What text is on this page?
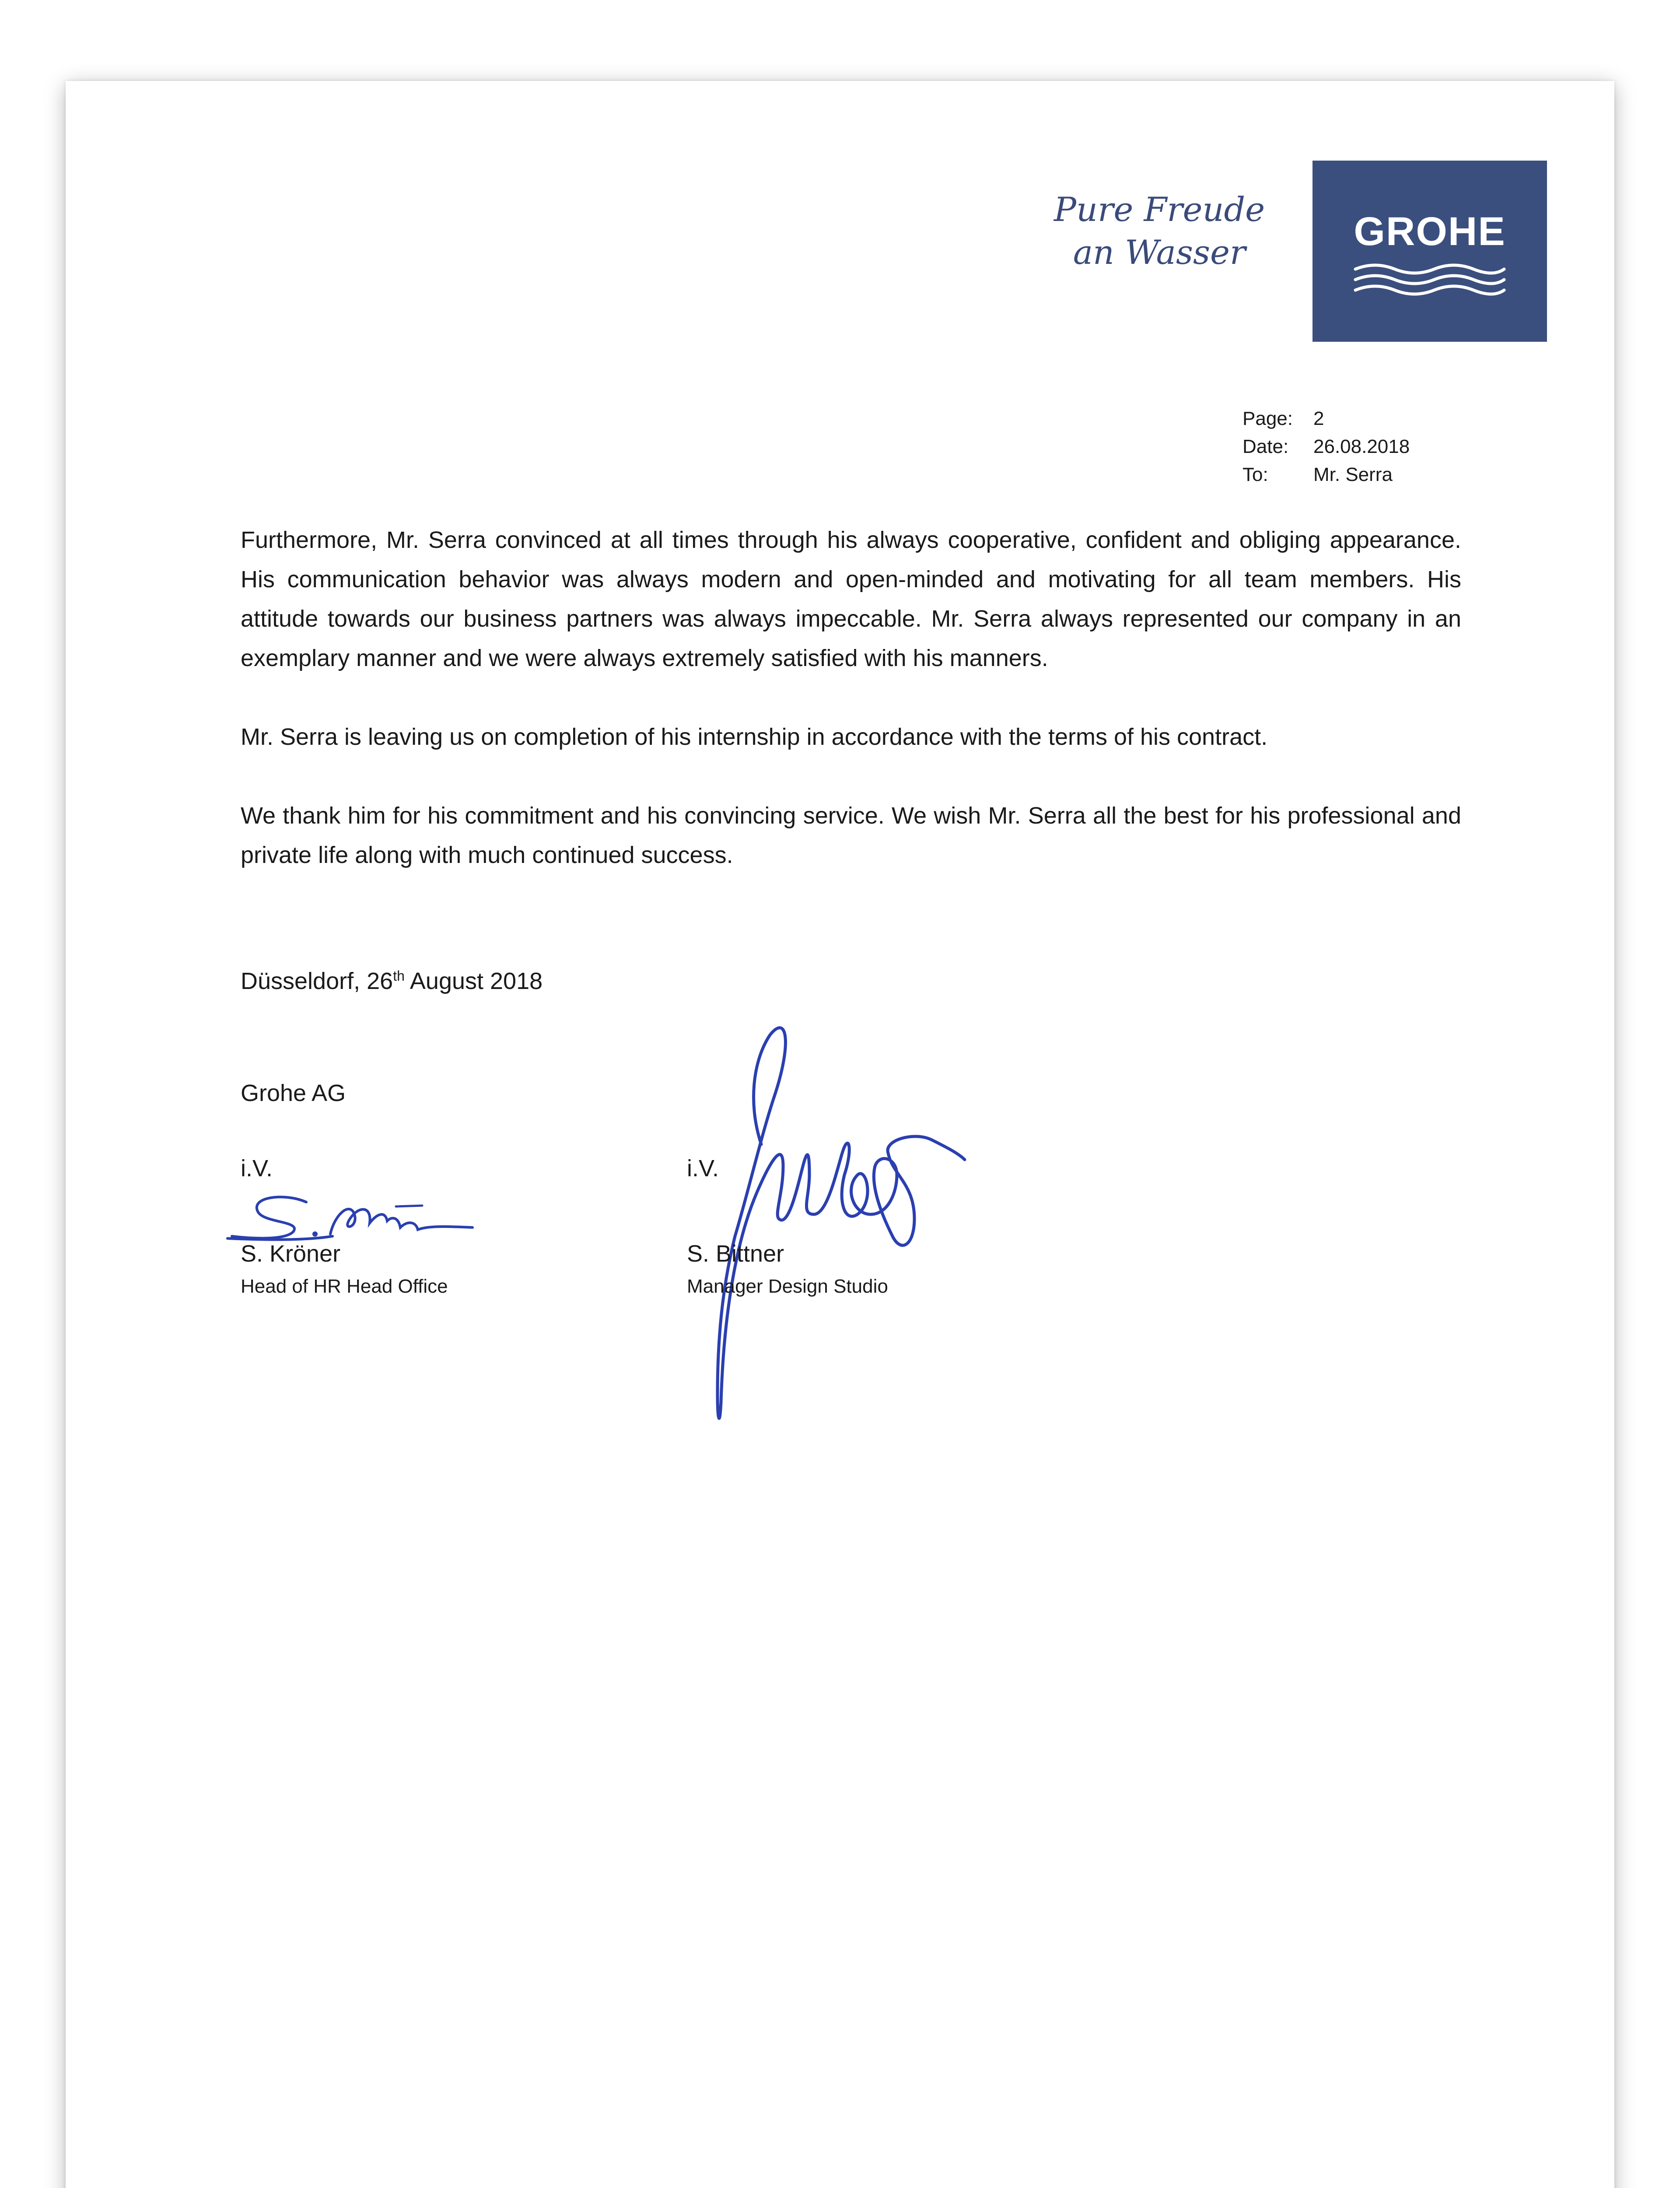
Pure Freude
an Wasser	GROHE
Page: 2
Date: 26.08.2018
To: Mr. Serra

Furthermore, Mr. Serra convinced at all times through his always cooperative, confident and obliging appearance. His communication behavior was always modern and open-minded and motivating for all team members. His attitude towards our business partners was always impeccable. Mr. Serra always represented our company in an exemplary manner and we were always extremely satisfied with his manners.

Mr. Serra is leaving us on completion of his internship in accordance with the terms of his contract.

We thank him for his commitment and his convincing service. We wish Mr. Serra all the best for his professional and private life along with much continued success.

Düsseldorf, 26th August 2018
Grohe AG
i.V.	i.V.
S. Kröner
Head of HR Head Office
S. Bittner
Manager Design Studio
